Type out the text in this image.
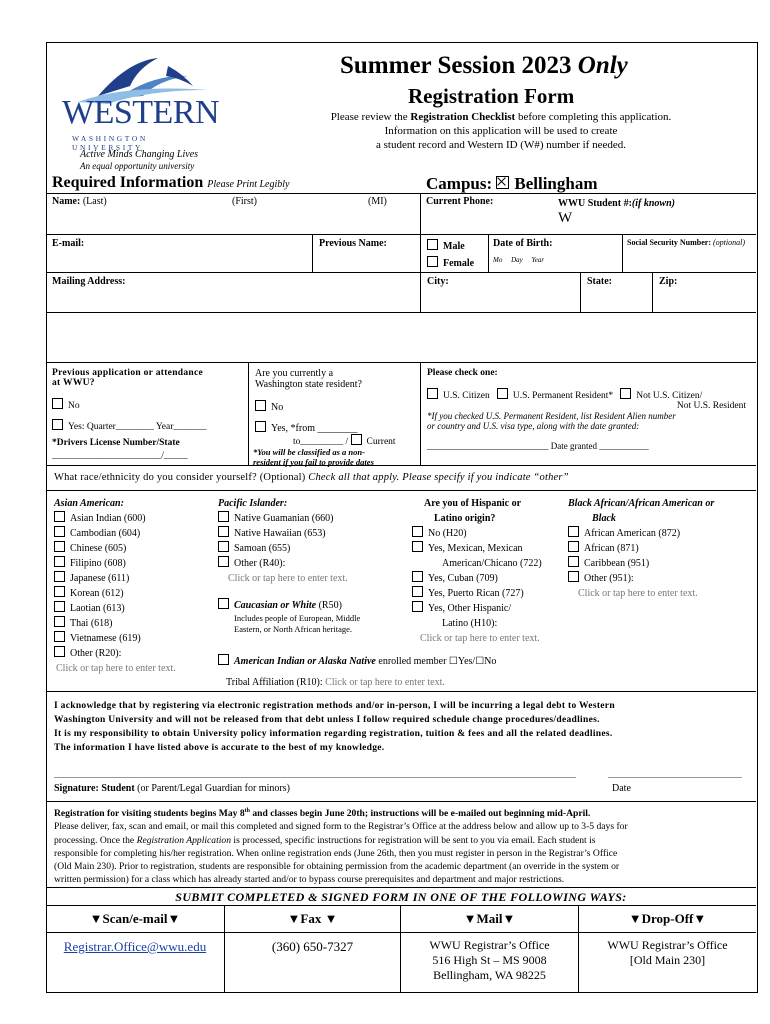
WESTERN
WASHINGTON UNIVERSITY
Active Minds Changing Lives
An equal opportunity university
Summer Session 2023 Only
Registration Form
Please review the Registration Checklist before completing this application.
Information on this application will be used to create
a student record and Western ID (W#) number if needed.
Required Information Please Print Legibly	Campus: Bellingham
Name: (Last)	(First)	(MI)	Current Phone:	WWU Student #:(if known)
W
E-mail:	Previous Name:	Male
Female
Date of Birth:
Mo Day Year
Social Security Number: (optional)
Mailing Address:	City:	State:	Zip:
Previous application or attendance
at WWU?
No
Yes: Quarter________ Year_______
*Drivers License Number/State
_______________________/_____
Are you currently a
Washington state resident?
No
Yes, *from ________
to_________ / Current
*You will be classified as a non-
resident if you fail to provide dates
Please check one:
U.S. Citizen U.S. Permanent Resident* Not U.S. Citizen/
Not U.S. Resident
*If you checked U.S. Permanent Resident, list Resident Alien number
or country and U.S. visa type, along with the date granted:
___________________________ Date granted ___________
What race/ethnicity do you consider yourself? (Optional) Check all that apply. Please specify if you indicate “other”
Asian American:
Asian Indian (600)
Cambodian (604)
Chinese (605)
Filipino (608)
Japanese (611)
Korean (612)
Laotian (613)
Thai (618)
Vietnamese (619)
Other (R20):
Click or tap here to enter text.
Pacific Islander:
Native Guamanian (660)
Native Hawaiian (653)
Samoan (655)
Other (R40):
Click or tap here to enter text.
Caucasian or White (R50)
Includes people of European, Middle
Eastern, or North African heritage.
Are you of Hispanic or
Latino origin?
No (H20)
Yes, Mexican, Mexican
American/Chicano (722)
Yes, Cuban (709)
Yes, Puerto Rican (727)
Yes, Other Hispanic/
Latino (H10):
Click or tap here to enter text.
Black African/African American or
Black
African American (872)
African (871)
Caribbean (951)
Other (951):
Click or tap here to enter text.
American Indian or Alaska Native enrolled member ☐Yes/☐No
Tribal Affiliation (R10): Click or tap here to enter text.
I acknowledge that by registering via electronic registration methods and/or in-person, I will be incurring a legal debt to Western
Washington University and will not be released from that debt unless I follow required schedule change procedures/deadlines.
It is my responsibility to obtain University policy information regarding registration, tuition & fees and all the related deadlines.
The information I have listed above is accurate to the best of my knowledge.
Signature: Student (or Parent/Legal Guardian for minors)	Date
Registration for visiting students begins May 8th and classes begin June 20th; instructions will be e-mailed out beginning mid-April.
Please deliver, fax, scan and email, or mail this completed and signed form to the Registrar’s Office at the address below and allow up to 3-5 days for
processing. Once the Registration Application is processed, specific instructions for registration will be sent to you via email. Each student is
responsible for completing his/her registration. When online registration ends (June 26th, then you must register in person in the Registrar’s Office
(Old Main 230). Prior to registration, students are responsible for obtaining permission from the academic department (an override in the system or
written permission) for a class which has already started and/or to bypass course prerequisites and department and major restrictions.
SUBMIT COMPLETED & SIGNED FORM IN ONE OF THE FOLLOWING WAYS:
▼Scan/e-mail▼	▼Fax ▼	▼Mail▼	▼Drop-Off▼
Registrar.Office@wwu.edu	(360) 650-7327	WWU Registrar’s Office
516 High St – MS 9008
Bellingham, WA 98225
WWU Registrar’s Office
[Old Main 230]
